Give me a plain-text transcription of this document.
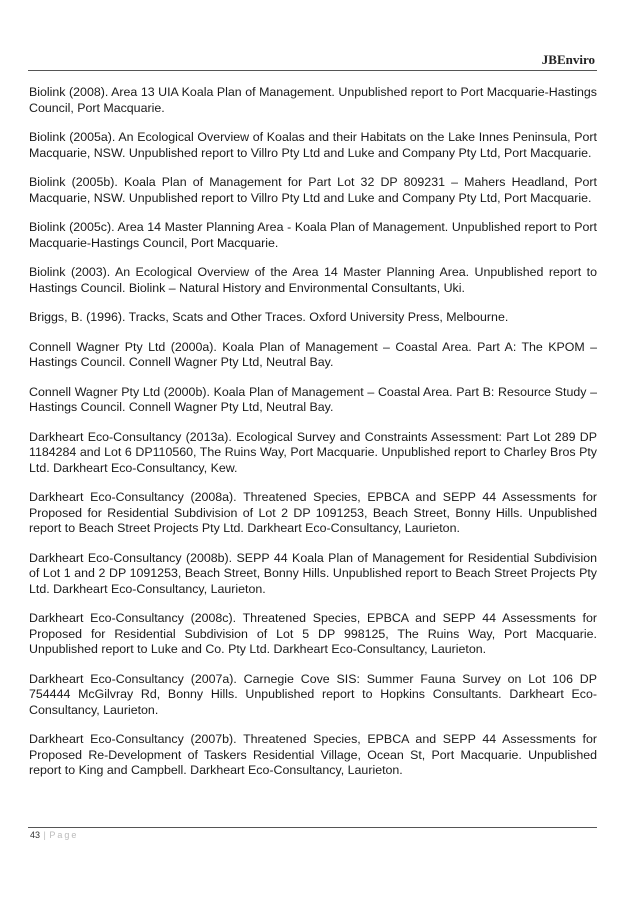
JBEnviro

Biolink (2008). Area 13 UIA Koala Plan of Management. Unpublished report to Port Macquarie-Hastings Council, Port Macquarie.

Biolink (2005a). An Ecological Overview of Koalas and their Habitats on the Lake Innes Peninsula, Port Macquarie, NSW. Unpublished report to Villro Pty Ltd and Luke and Company Pty Ltd, Port Macquarie.

Biolink (2005b). Koala Plan of Management for Part Lot 32 DP 809231 – Mahers Headland, Port Macquarie, NSW. Unpublished report to Villro Pty Ltd and Luke and Company Pty Ltd, Port Macquarie.

Biolink (2005c). Area 14 Master Planning Area - Koala Plan of Management. Unpublished report to Port Macquarie-Hastings Council, Port Macquarie.

Biolink (2003). An Ecological Overview of the Area 14 Master Planning Area. Unpublished report to Hastings Council. Biolink – Natural History and Environmental Consultants, Uki.

Briggs, B. (1996). Tracks, Scats and Other Traces. Oxford University Press, Melbourne.

Connell Wagner Pty Ltd (2000a). Koala Plan of Management – Coastal Area. Part A: The KPOM – Hastings Council. Connell Wagner Pty Ltd, Neutral Bay.

Connell Wagner Pty Ltd (2000b). Koala Plan of Management – Coastal Area. Part B: Resource Study – Hastings Council. Connell Wagner Pty Ltd, Neutral Bay.

Darkheart Eco-Consultancy (2013a). Ecological Survey and Constraints Assessment: Part Lot 289 DP 1184284 and Lot 6 DP110560, The Ruins Way, Port Macquarie. Unpublished report to Charley Bros Pty Ltd. Darkheart Eco-Consultancy, Kew.

Darkheart Eco-Consultancy (2008a). Threatened Species, EPBCA and SEPP 44 Assessments for Proposed for Residential Subdivision of Lot 2 DP 1091253, Beach Street, Bonny Hills. Unpublished report to Beach Street Projects Pty Ltd. Darkheart Eco-Consultancy, Laurieton.

Darkheart Eco-Consultancy (2008b). SEPP 44 Koala Plan of Management for Residential Subdivision of Lot 1 and 2 DP 1091253, Beach Street, Bonny Hills. Unpublished report to Beach Street Projects Pty Ltd. Darkheart Eco-Consultancy, Laurieton.

Darkheart Eco-Consultancy (2008c). Threatened Species, EPBCA and SEPP 44 Assessments for Proposed for Residential Subdivision of Lot 5 DP 998125, The Ruins Way, Port Macquarie. Unpublished report to Luke and Co. Pty Ltd. Darkheart Eco-Consultancy, Laurieton.

Darkheart Eco-Consultancy (2007a). Carnegie Cove SIS: Summer Fauna Survey on Lot 106 DP 754444 McGilvray Rd, Bonny Hills. Unpublished report to Hopkins Consultants. Darkheart Eco-Consultancy, Laurieton.

Darkheart Eco-Consultancy (2007b). Threatened Species, EPBCA and SEPP 44 Assessments for Proposed Re-Development of Taskers Residential Village, Ocean St, Port Macquarie. Unpublished report to King and Campbell. Darkheart Eco-Consultancy, Laurieton.

43 | Page
